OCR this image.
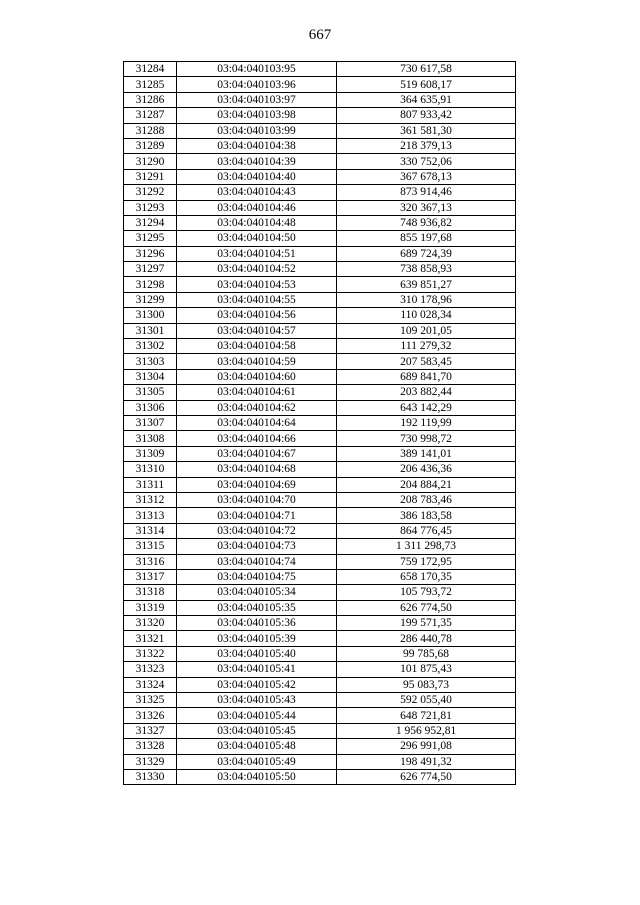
667
31284	03:04:040103:95	730 617,58
31285	03:04:040103:96	519 608,17
31286	03:04:040103:97	364 635,91
31287	03:04:040103:98	807 933,42
31288	03:04:040103:99	361 581,30
31289	03:04:040104:38	218 379,13
31290	03:04:040104:39	330 752,06
31291	03:04:040104:40	367 678,13
31292	03:04:040104:43	873 914,46
31293	03:04:040104:46	320 367,13
31294	03:04:040104:48	748 936,82
31295	03:04:040104:50	855 197,68
31296	03:04:040104:51	689 724,39
31297	03:04:040104:52	738 858,93
31298	03:04:040104:53	639 851,27
31299	03:04:040104:55	310 178,96
31300	03:04:040104:56	110 028,34
31301	03:04:040104:57	109 201,05
31302	03:04:040104:58	111 279,32
31303	03:04:040104:59	207 583,45
31304	03:04:040104:60	689 841,70
31305	03:04:040104:61	203 882,44
31306	03:04:040104:62	643 142,29
31307	03:04:040104:64	192 119,99
31308	03:04:040104:66	730 998,72
31309	03:04:040104:67	389 141,01
31310	03:04:040104:68	206 436,36
31311	03:04:040104:69	204 884,21
31312	03:04:040104:70	208 783,46
31313	03:04:040104:71	386 183,58
31314	03:04:040104:72	864 776,45
31315	03:04:040104:73	1 311 298,73
31316	03:04:040104:74	759 172,95
31317	03:04:040104:75	658 170,35
31318	03:04:040105:34	105 793,72
31319	03:04:040105:35	626 774,50
31320	03:04:040105:36	199 571,35
31321	03:04:040105:39	286 440,78
31322	03:04:040105:40	99 785,68
31323	03:04:040105:41	101 875,43
31324	03:04:040105:42	95 083,73
31325	03:04:040105:43	592 055,40
31326	03:04:040105:44	648 721,81
31327	03:04:040105:45	1 956 952,81
31328	03:04:040105:48	296 991,08
31329	03:04:040105:49	198 491,32
31330	03:04:040105:50	626 774,50
